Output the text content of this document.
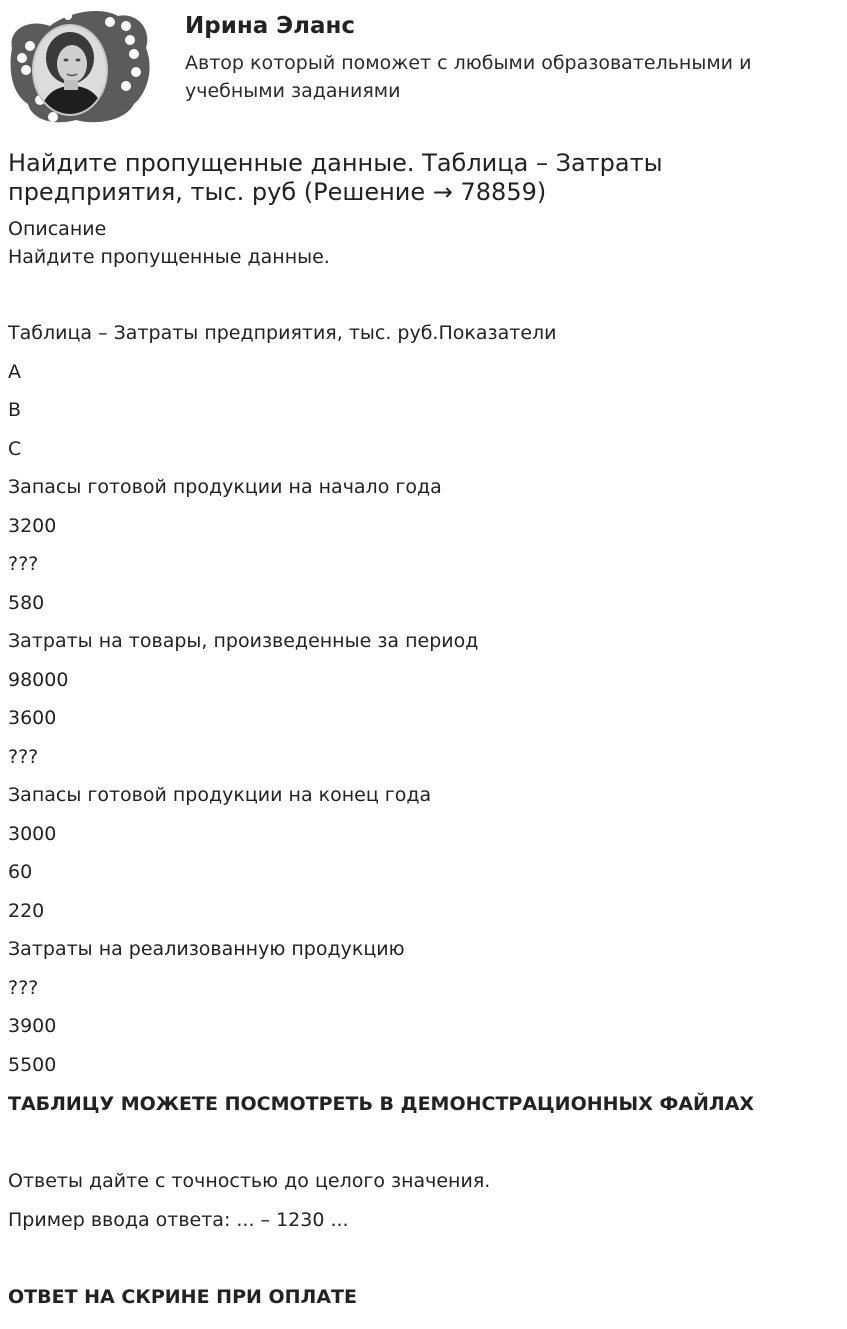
Ирина Эланс

Автор который поможет с любыми образовательными и учебными заданиями

Найдите пропущенные данные. Таблица – Затраты предприятия, тыс. руб (Решение → 78859)

Описание

Найдите пропущенные данные.

Таблица – Затраты предприятия, тыс. руб.Показатели
A
B
C
Запасы готовой продукции на начало года
3200
???
580
Затраты на товары, произведенные за период
98000
3600
???
Запасы готовой продукции на конец года
3000
60
220
Затраты на реализованную продукцию
???
3900
5500

ТАБЛИЦУ МОЖЕТЕ ПОСМОТРЕТЬ В ДЕМОНСТРАЦИОННЫХ ФАЙЛАХ

Ответы дайте с точностью до целого значения.

Пример ввода ответа: ... – 1230 ...

ОТВЕТ НА СКРИНЕ ПРИ ОПЛАТЕ
